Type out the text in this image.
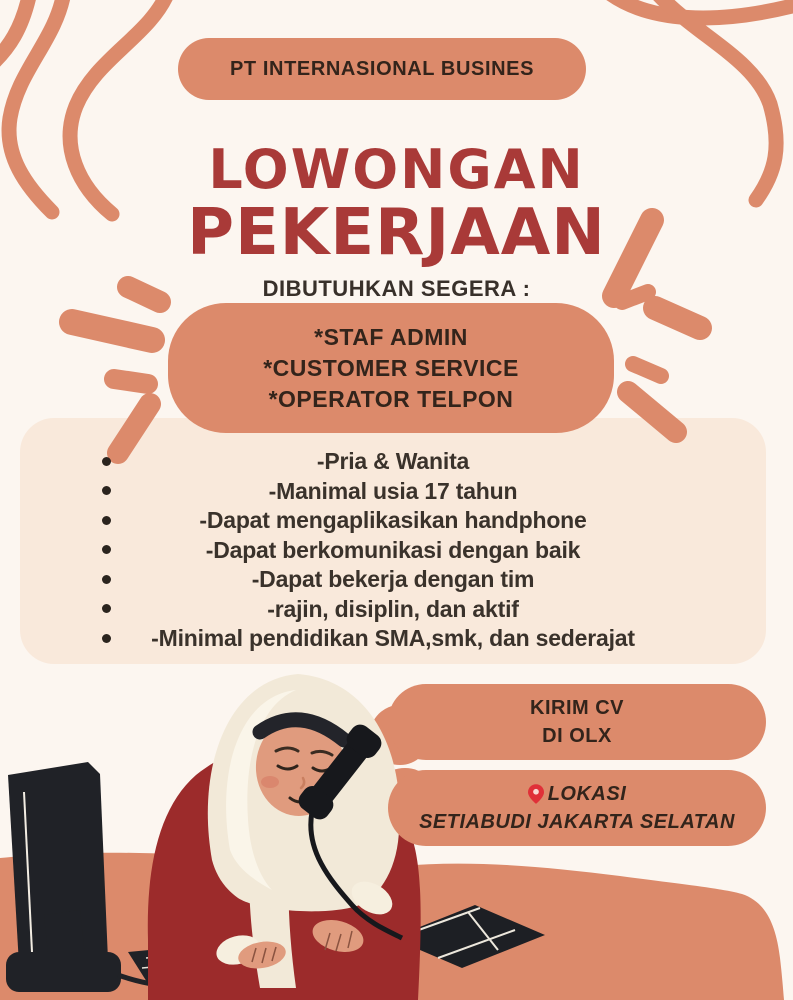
PT INTERNASIONAL BUSINES
LOWONGAN
PEKERJAAN
DIBUTUHKAN SEGERA :
*STAF ADMIN
*CUSTOMER SERVICE
*OPERATOR TELPON
-Pria & Wanita
-Manimal usia 17 tahun
-Dapat mengaplikasikan handphone
-Dapat berkomunikasi dengan baik
-Dapat bekerja dengan tim
-rajin, disiplin, dan aktif
-Minimal pendidikan SMA,smk, dan sederajat
KIRIM CV
DI OLX
LOKASI
SETIABUDI JAKARTA SELATAN
